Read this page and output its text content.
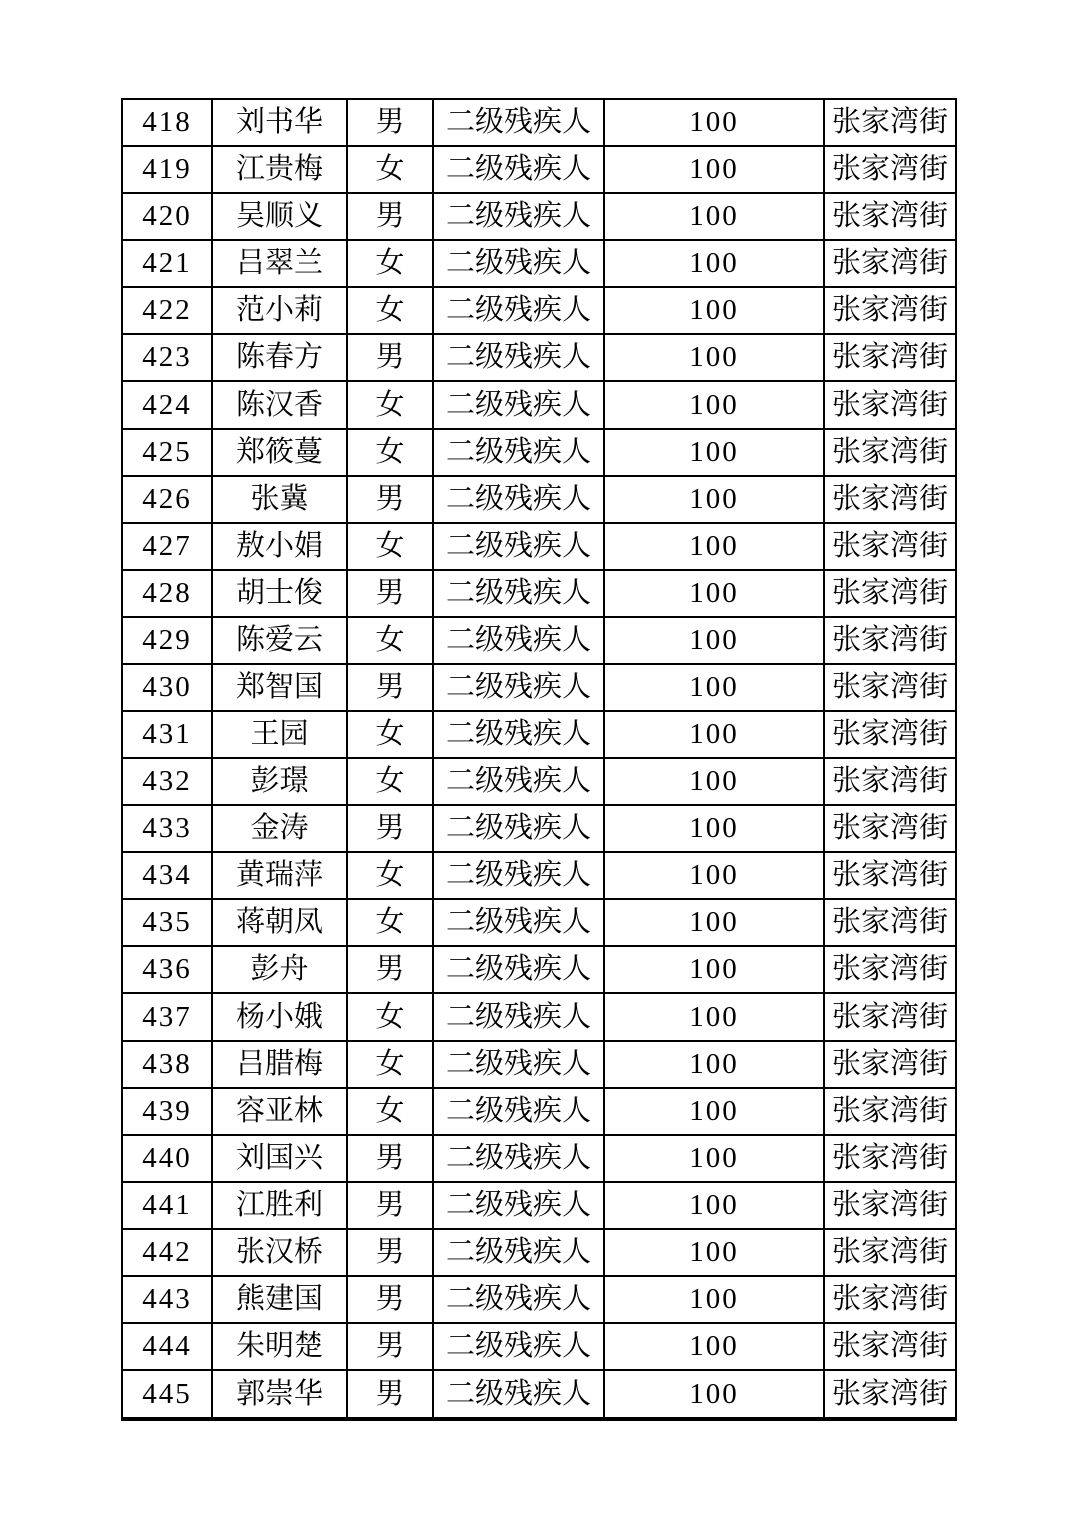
418	刘书华	男	二级残疾人	100	张家湾街
419	江贵梅	女	二级残疾人	100	张家湾街
420	吴顺义	男	二级残疾人	100	张家湾街
421	吕翠兰	女	二级残疾人	100	张家湾街
422	范小莉	女	二级残疾人	100	张家湾街
423	陈春方	男	二级残疾人	100	张家湾街
424	陈汉香	女	二级残疾人	100	张家湾街
425	郑筱蔓	女	二级残疾人	100	张家湾街
426	张冀	男	二级残疾人	100	张家湾街
427	敖小娟	女	二级残疾人	100	张家湾街
428	胡士俊	男	二级残疾人	100	张家湾街
429	陈爱云	女	二级残疾人	100	张家湾街
430	郑智国	男	二级残疾人	100	张家湾街
431	王园	女	二级残疾人	100	张家湾街
432	彭璟	女	二级残疾人	100	张家湾街
433	金涛	男	二级残疾人	100	张家湾街
434	黄瑞萍	女	二级残疾人	100	张家湾街
435	蒋朝凤	女	二级残疾人	100	张家湾街
436	彭舟	男	二级残疾人	100	张家湾街
437	杨小娥	女	二级残疾人	100	张家湾街
438	吕腊梅	女	二级残疾人	100	张家湾街
439	容亚林	女	二级残疾人	100	张家湾街
440	刘国兴	男	二级残疾人	100	张家湾街
441	江胜利	男	二级残疾人	100	张家湾街
442	张汉桥	男	二级残疾人	100	张家湾街
443	熊建国	男	二级残疾人	100	张家湾街
444	朱明楚	男	二级残疾人	100	张家湾街
445	郭崇华	男	二级残疾人	100	张家湾街
